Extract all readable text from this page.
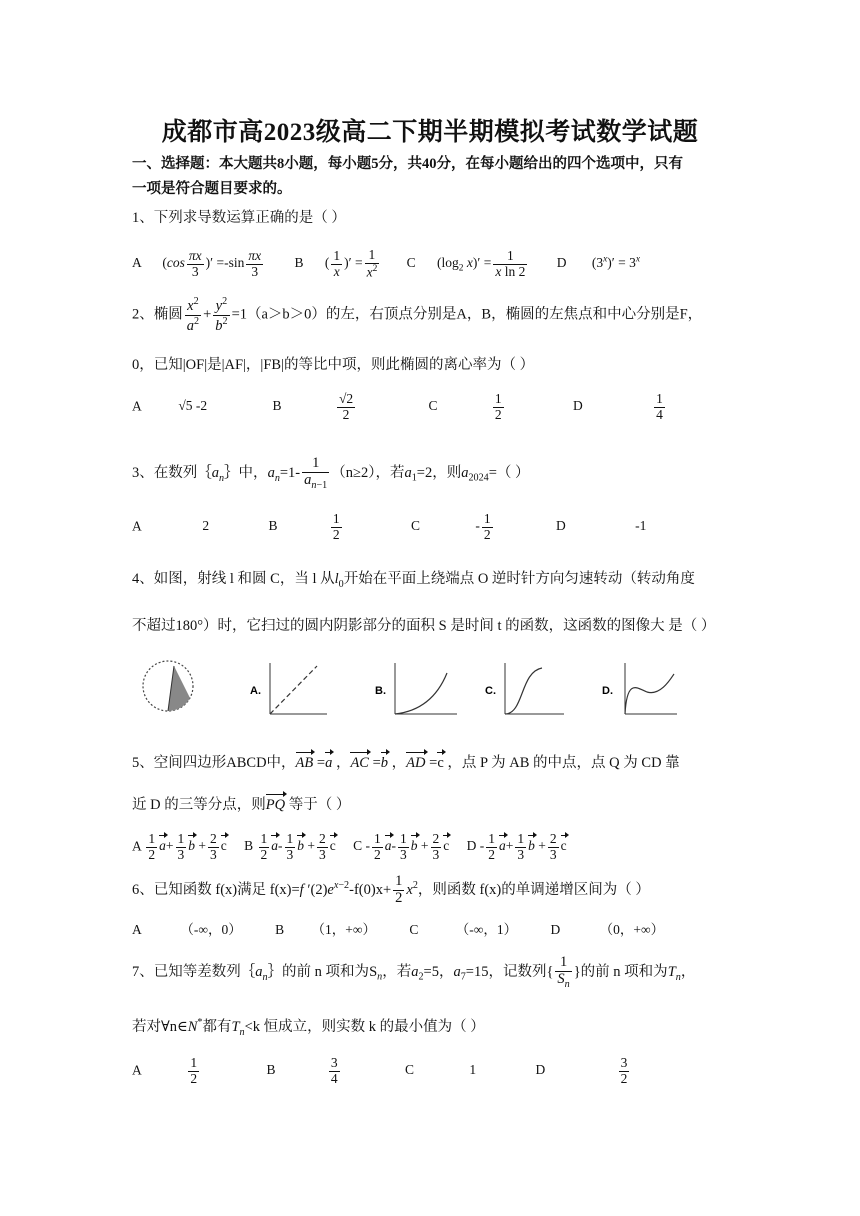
成都市高2023级高二下期半期模拟考试数学试题
一、选择题：本大题共8小题，每小题5分，共40分，在每小题给出的四个选项中，只有
一项是符合题目要求的。
1、下列求导数运算正确的是（ ）
A ($\cos \frac{\pi x}{3}$ )′ $=-\sin \frac{\pi x}{3}$ B ( $\frac{1}{x}$ )′ = $\frac{1}{x^2}$ C ($\log_2$ $x)' = \frac{1}{\text{x ln 2}}$ D $(3^x)' = 3^x$
2、椭圆 $\frac{x^2}{a^2} + \frac{y^2}{b^2} =1(a>b>0)$的左，右顶点分别是A，B，椭圆的左焦点和中心分别是F，
0，已知|OF|是|AF|，|FB|的等比中项，则此椭圆的离心率为（ ）
A	√5 -2	B	$\frac{√2}{2}$	C	$\frac{1}{2}$	D	$\frac{1}{4}$
3、在数列$\{a_n\}$中，$a_n=1- \frac{1}{a_{n-1}} (n\ge 2)$，若$a_1=2$，则$a_{2024}=$（ ）
A	2	B	$\frac{1}{2}$	C	- $\frac{1}{2}$	D	-1
4、如图，射线 l 和圆 C，当 l 从$l_0$开始在平面上绕端点 O 逆时针方向匀速转动（转动角度
不超过180°）时，它扫过的圆内阴影部分的面积 S 是时间 t 的函数，这函数的图像大 是（ ）
A.	B.	C.	D.
5、空间四边形ABCD中，AB =a ，AC =b ，AD =c ，点 P 为 AB 的中点，点 Q 为 CD 靠
近 D 的三等分点，则PQ 等于（ ）
A $\frac{1}{2} a+ \frac{1}{3}$ $b + \frac{2}{3}$ c B $\frac{1}{2} a- \frac{1}{3}$ $b + \frac{2}{3}$ c C - $\frac{1}{2} a- \frac{1}{3}$ $b + \frac{2}{3}$ c $D - \frac{1}{2} a+ \frac{1}{3}$ $b + \frac{2}{3}$ c
6、已知函数 f(x)满足 f(x)=f $'(2)e^{x-2}-f(0)x+ \frac{1}{2} x^2$，则函数 f(x)的单调递增区间为（ ）
A	（-∞，0） B （1，+∞） C	（-∞，1） D	（0，+∞）
7、已知等差数列$\{a_n\}$的前 n 项和为$S_n$，若$a_2=5$，$a_7=15$，记数列{ $\frac{1}{S_n}$ }的前 n 项和为$T_n$，
若对∀n∈N*都有$T_n<k$ 恒成立，则实数 k 的最小值为（ ）
A	$\frac{1}{2}$	B	$\frac{3}{4}$	C	1	D	$\frac{3}{2}$
